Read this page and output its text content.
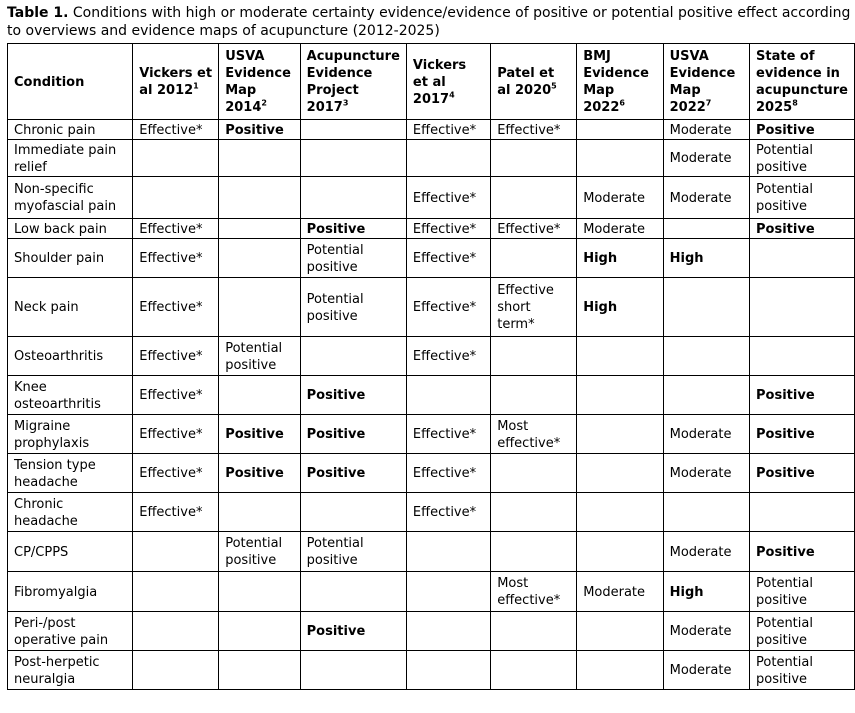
Table 1. Conditions with high or moderate certainty evidence/evidence of positive or potential positive effect according to overviews and evidence maps of acupuncture (2012-2025)
Condition	Vickers et al 2012$^1$	USVA Evidence Map 2014$^2$	Acupuncture Evidence Project 2017$^3$	Vickers et al 2017$^4$	Patel et al 2020$^5$	BMJ Evidence Map 2022$^6$	USVA Evidence Map 2022$^7$	State of evidence in acupuncture 2025$^8$
Chronic pain	Effective*	Positive		Effective*	Effective*		Moderate	Positive
Immediate pain relief							Moderate	Potential positive
Non-specific myofascial pain				Effective*		Moderate	Moderate	Potential positive
Low back pain	Effective*		Positive	Effective*	Effective*	Moderate		Positive
Shoulder pain	Effective*		Potential positive	Effective*		High	High	
Neck pain	Effective*		Potential positive	Effective*	Effective short term*	High		
Osteoarthritis	Effective*	Potential positive		Effective*				
Knee osteoarthritis	Effective*		Positive					Positive
Migraine prophylaxis	Effective*	Positive	Positive	Effective*	Most effective*		Moderate	Positive
Tension type headache	Effective*	Positive	Positive	Effective*			Moderate	Positive
Chronic headache	Effective*			Effective*				
CP/CPPS		Potential positive	Potential positive				Moderate	Positive
Fibromyalgia					Most effective*	Moderate	High	Potential positive
Peri-/post operative pain			Positive				Moderate	Potential positive
Post-herpetic neuralgia							Moderate	Potential positive
